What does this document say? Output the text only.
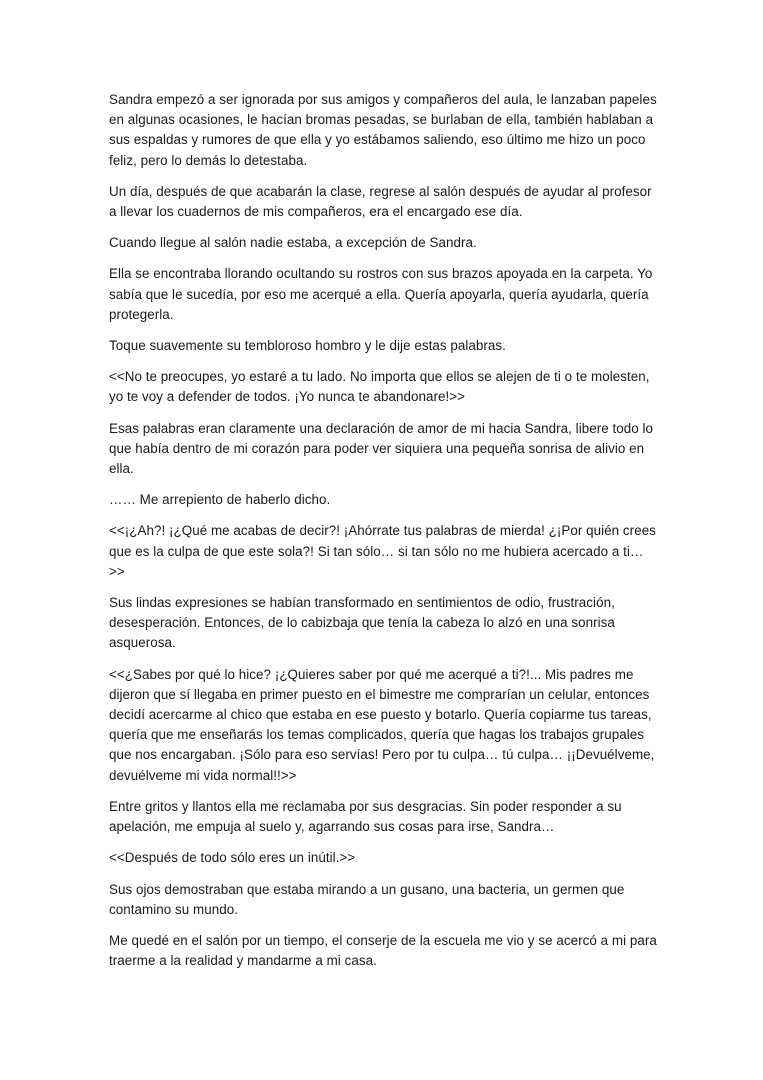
Sandra empezó a ser ignorada por sus amigos y compañeros del aula, le lanzaban papeles en algunas ocasiones, le hacían bromas pesadas, se burlaban de ella, también hablaban a sus espaldas y rumores de que ella y yo estábamos saliendo, eso último me hizo un poco feliz, pero lo demás lo detestaba.

Un día, después de que acabarán la clase, regrese al salón después de ayudar al profesor a llevar los cuadernos de mis compañeros, era el encargado ese día.

Cuando llegue al salón nadie estaba, a excepción de Sandra.

Ella se encontraba llorando ocultando su rostros con sus brazos apoyada en la carpeta. Yo sabía que le sucedía, por eso me acerqué a ella. Quería apoyarla, quería ayudarla, quería protegerla.

Toque suavemente su tembloroso hombro y le dije estas palabras.

<<No te preocupes, yo estaré a tu lado. No importa que ellos se alejen de ti o te molesten, yo te voy a defender de todos. ¡Yo nunca te abandonare!>>

Esas palabras eran claramente una declaración de amor de mi hacia Sandra, libere todo lo que había dentro de mi corazón para poder ver siquiera una pequeña sonrisa de alivio en ella.

…… Me arrepiento de haberlo dicho.

<<¡¿Ah?! ¡¿Qué me acabas de decir?! ¡Ahórrate tus palabras de mierda! ¿¡Por quién crees que es la culpa de que este sola?! Si tan sólo… si tan sólo no me hubiera acercado a ti…>>

Sus lindas expresiones se habían transformado en sentimientos de odio, frustración, desesperación. Entonces, de lo cabizbaja que tenía la cabeza lo alzó en una sonrisa asquerosa.

<<¿Sabes por qué lo hice? ¡¿Quieres saber por qué me acerqué a ti?!... Mis padres me dijeron que sí llegaba en primer puesto en el bimestre me comprarían un celular, entonces decidí acercarme al chico que estaba en ese puesto y botarlo. Quería copiarme tus tareas, quería que me enseñarás los temas complicados, quería que hagas los trabajos grupales que nos encargaban. ¡Sólo para eso servías! Pero por tu culpa… tú culpa… ¡¡Devuélveme, devuélveme mi vida normal!!>>

Entre gritos y llantos ella me reclamaba por sus desgracias. Sin poder responder a su apelación, me empuja al suelo y, agarrando sus cosas para irse, Sandra…

<<Después de todo sólo eres un inútil.>>

Sus ojos demostraban que estaba mirando a un gusano, una bacteria, un germen que contamino su mundo.

Me quedé en el salón por un tiempo, el conserje de la escuela me vio y se acercó a mi para traerme a la realidad y mandarme a mi casa.
